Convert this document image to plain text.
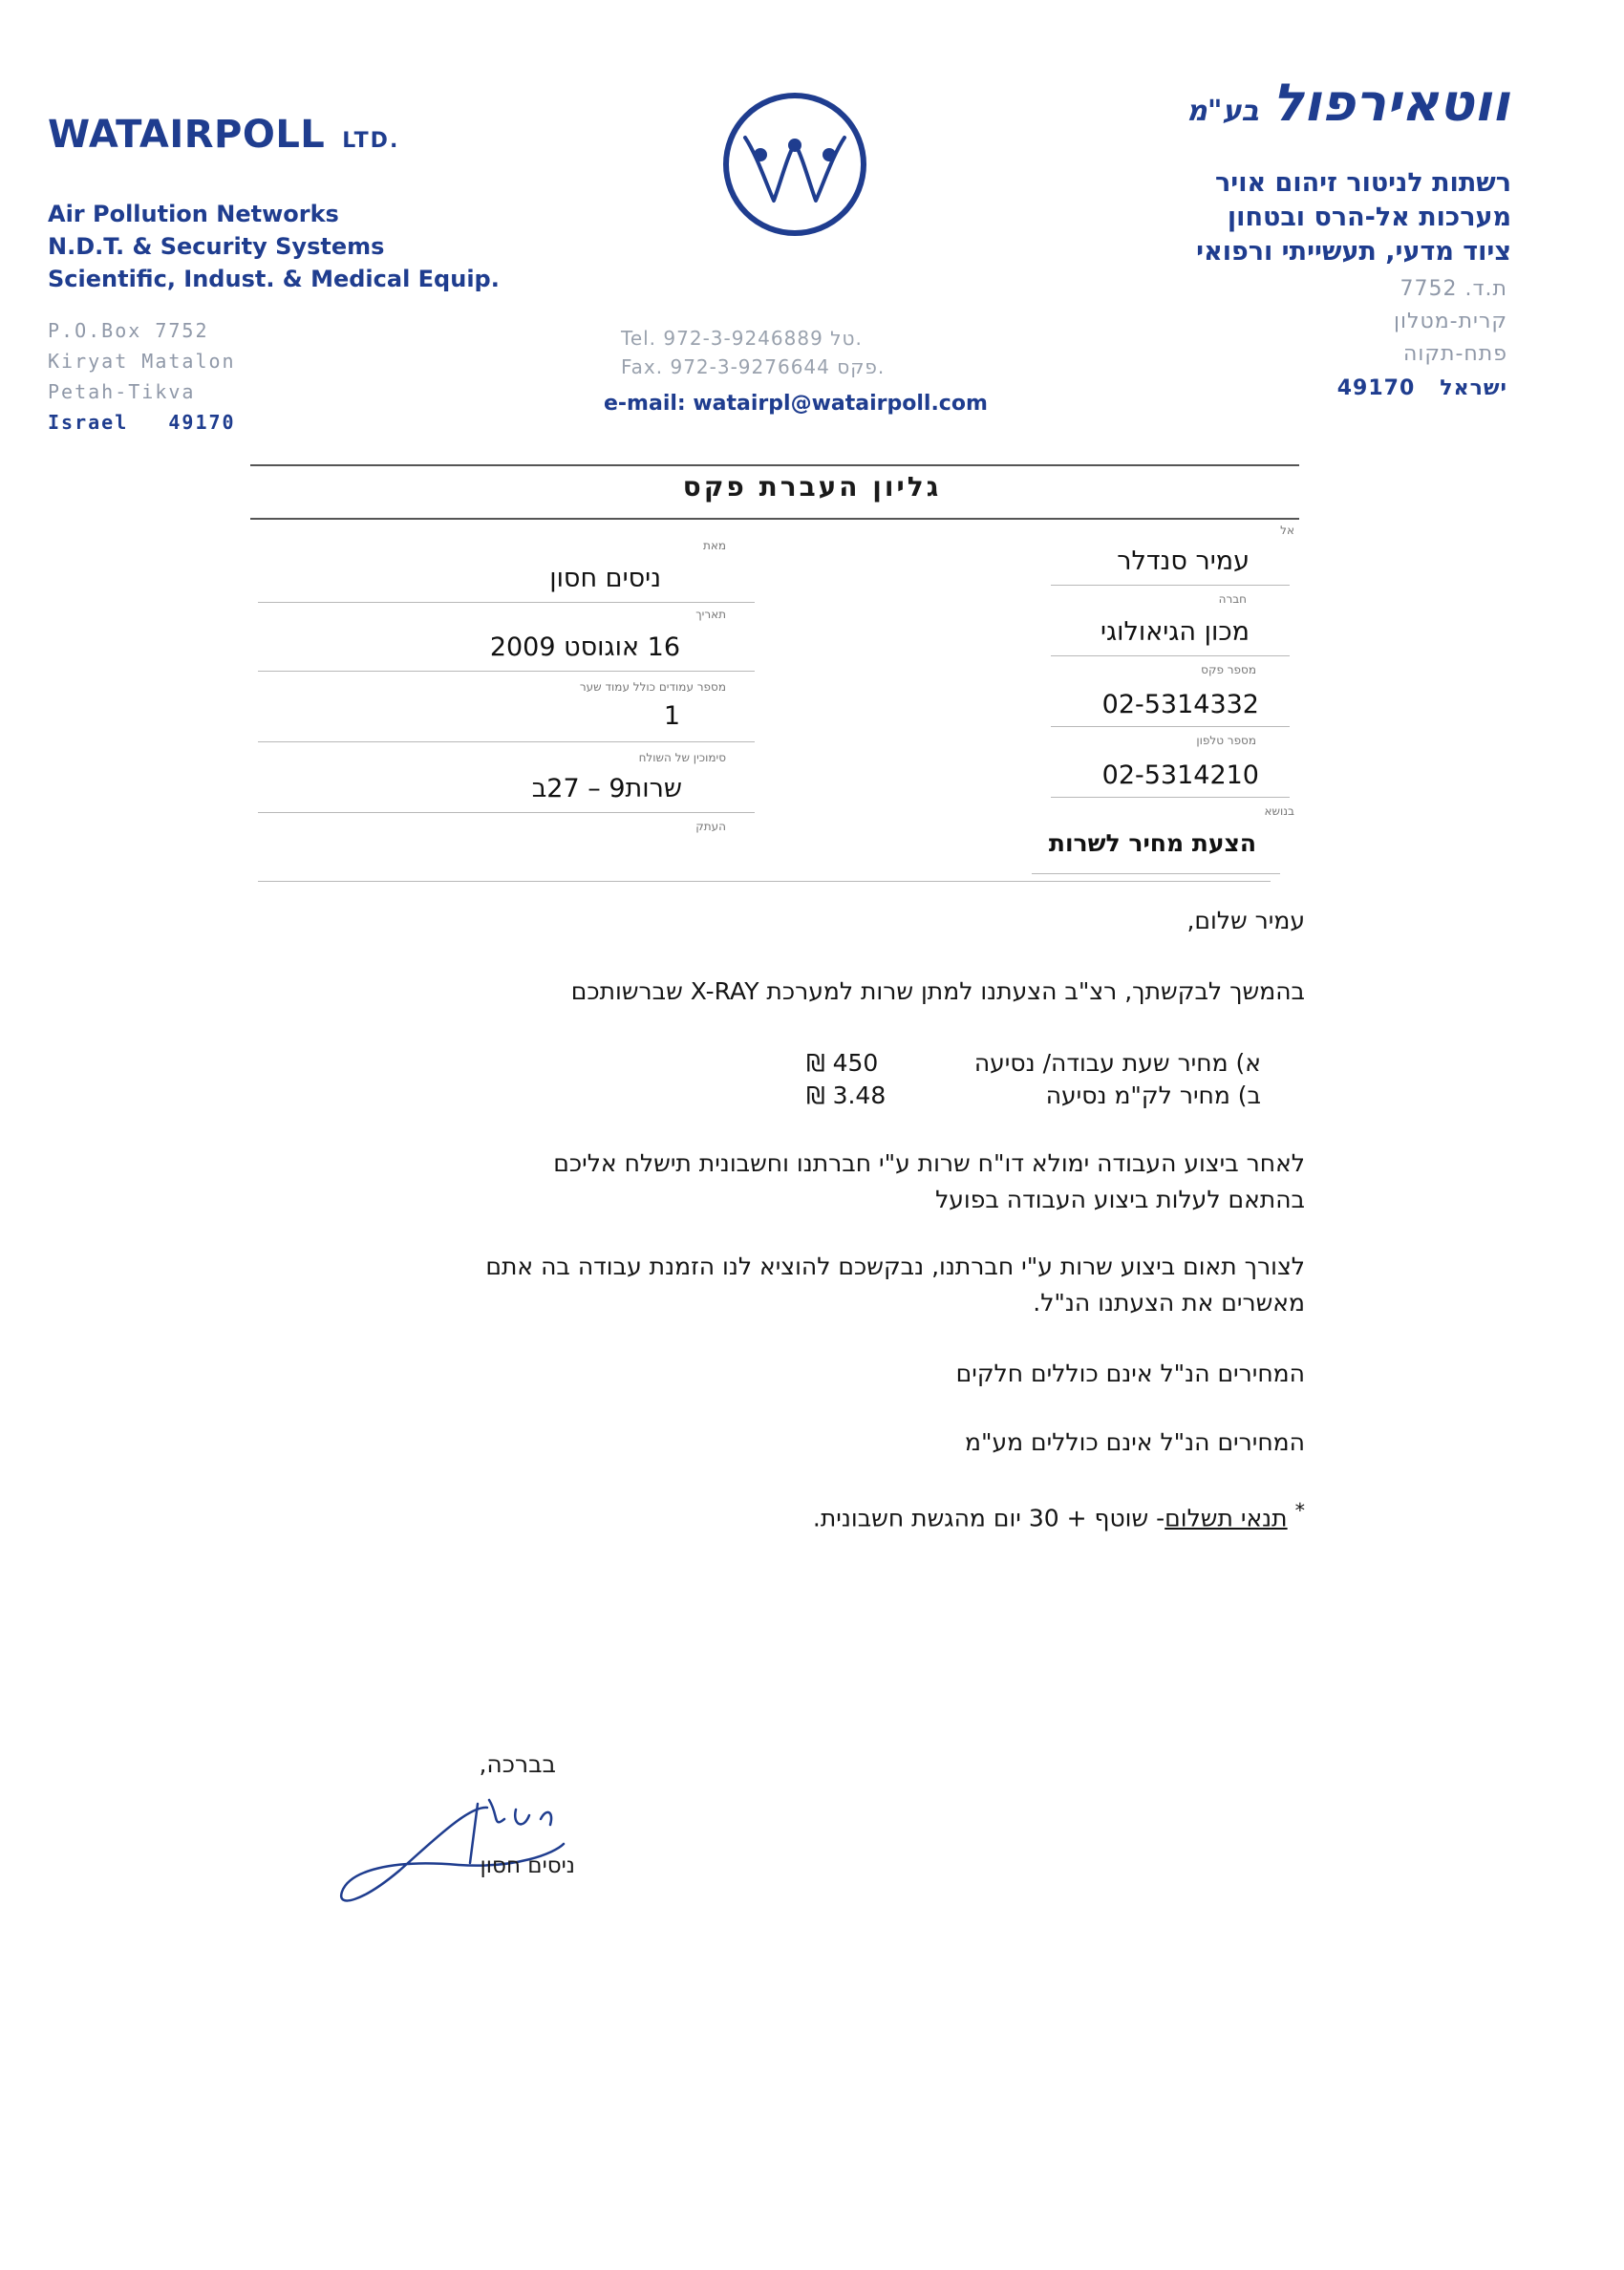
WATAIRPOLL LTD.
Air Pollution Networks
N.D.T. & Security Systems
Scientific, Indust. & Medical Equip.
P.O.Box 7752
Kiryat Matalon
Petah-Tikva
Israel 49170
Tel. 972-3-9246889 טל.
Fax. 972-3-9276644 פקס.
e-mail: watairpl@watairpoll.com
ווטאירפולבע"מ
רשתות לניטור זיהום אויר
מערכות אל-הרס ובטחון
ציוד מדעי, תעשייתי ורפואי
ת.ד. 7752
קרית-מטלון
פתח-תקוה
ישראל   49170
גליון העברת פקס
אל
עמיר סנדלר
חברה
מכון הגיאולוגי
מספר פקס
02-5314332
מספר טלפון
02-5314210
בנושא
הצעת מחיר לשרות
מאת
ניסים חסון
תאריך
16 אוגוסט 2009
מספר עמודים כולל עמוד שער
1
סימוכין של השולח
שרות9 – 27ב
העתק
עמיר שלום,
בהמשך לבקשתך, רצ"ב הצעתנו למתן שרות למערכת X-RAY שברשותכם
א) מחיר שעת עבודה/ נסיעה
450 ₪
ב) מחיר לק"מ נסיעה
3.48 ₪
לאחר ביצוע העבודה ימולא דו"ח שרות ע"י חברתנו וחשבונית תישלח אליכם
בהתאם לעלות ביצוע העבודה בפועל
לצורך תאום ביצוע שרות ע"י חברתנו, נבקשכם להוציא לנו הזמנת עבודה בה אתם
מאשרים את הצעתנו הנ"ל.
המחירים הנ"ל אינם כוללים חלקים
המחירים הנ"ל אינם כוללים מע"מ
* תנאי תשלום- שוטף + 30 יום מהגשת חשבונית.
בברכה,
ניסים חסון
